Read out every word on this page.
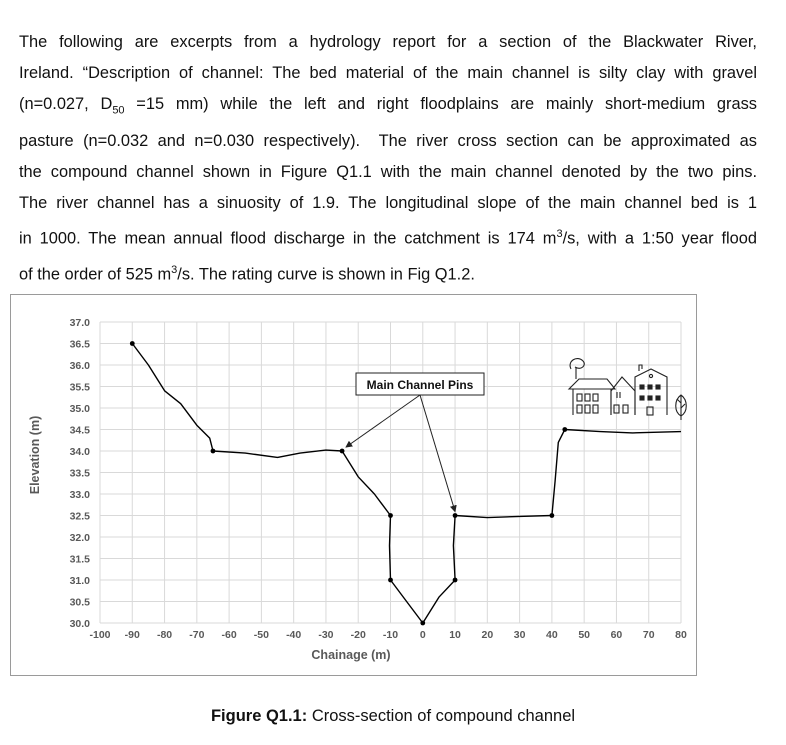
The following are excerpts from a hydrology report for a section of the Blackwater River,
Ireland. “Description of channel: The bed material of the main channel is silty clay with gravel
(n=0.027, $D_{50} =15$ mm) while the left and right floodplains are mainly short-medium grass
pasture (n=0.032 and n=0.030 respectively).  The river cross section can be approximated as
the compound channel shown in Figure Q1.1 with the main channel denoted by the two pins.
The river channel has a sinuosity of 1.9. The longitudinal slope of the main channel bed is 1
in 1000. The mean annual flood discharge in the catchment is 174 $m^3/s$, with a 1:50 year flood
of the order of 525 $m^3/s$. The rating curve is shown in Fig Q1.2.
30.0
30.5
31.0
31.5
32.0
32.5
33.0
33.5
34.0
34.5
35.0
35.5
36.0
36.5
37.0
-100 -90 -80 -70 -60 -50 -40 -30 -20 -10 0 10 20 30 40 50 60 70 80
Elevation (m)
Chainage (m)
Main Channel Pins
Figure Q1.1: Cross-section of compound channel
